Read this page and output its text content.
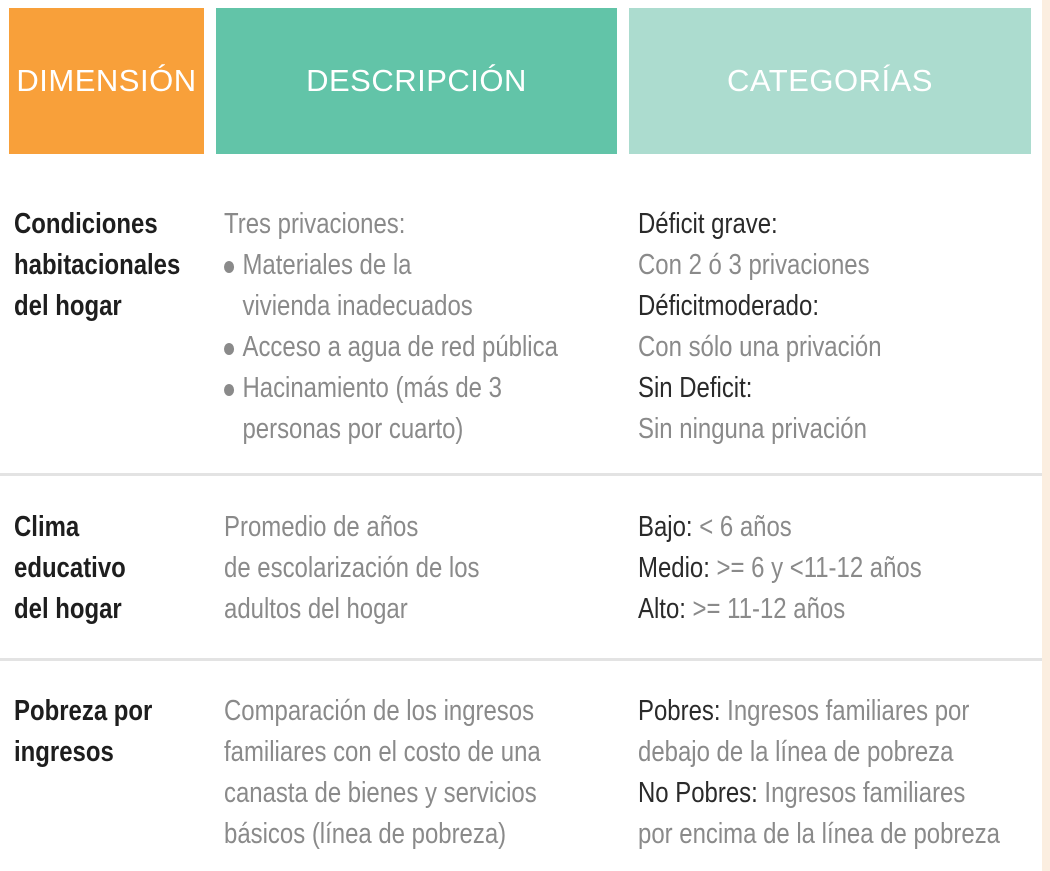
DIMENSIÓN	DESCRIPCIÓN	CATEGORÍAS
Condiciones
habitacionales
del hogar
Tres privaciones:
Materiales de la
vivienda inadecuados
Acceso a agua de red pública
Hacinamiento (más de 3
personas por cuarto)
Déficit grave:
Con 2 ó 3 privaciones
Déficitmoderado:
Con sólo una privación
Sin Deficit:
Sin ninguna privación
Clima
educativo
del hogar
Promedio de años
de escolarización de los
adultos del hogar
Bajo: < 6 años
Medio: >= 6 y <11-12 años
Alto: >= 11-12 años
Pobreza por
ingresos
Comparación de los ingresos
familiares con el costo de una
canasta de bienes y servicios
básicos (línea de pobreza)
Pobres: Ingresos familiares por
debajo de la línea de pobreza
No Pobres: Ingresos familiares
por encima de la línea de pobreza
